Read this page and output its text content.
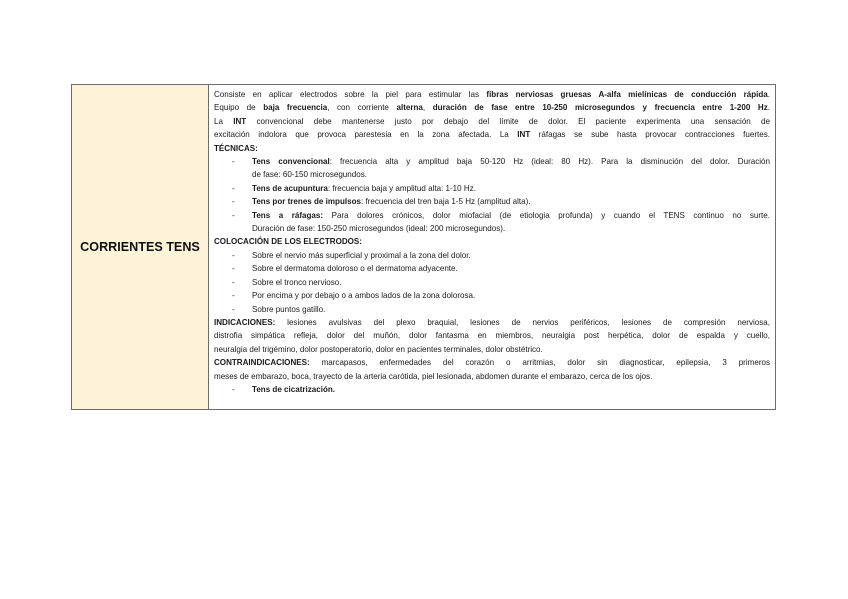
CORRIENTES TENS

Consiste en aplicar electrodos sobre la piel para estimular las fibras nerviosas gruesas A-alfa mielínicas de conducción rápida.

Equipo de baja frecuencia, con corriente alterna, duración de fase entre 10-250 microsegundos y frecuencia entre 1-200 Hz.

La INT convencional debe mantenerse justo por debajo del límite de dolor. El paciente experimenta una sensación de

excitación indolora que provoca parestesia en la zona afectada. La INT ráfagas se sube hasta provocar contracciones fuertes.

TÉCNICAS:

-	Tens convencional: frecuencia alta y amplitud baja 50-120 Hz (ideal: 80 Hz). Para la disminución del dolor. Duración

de fase: 60-150 microsegundos.

-	Tens de acupuntura: frecuencia baja y amplitud alta: 1-10 Hz.
-	Tens por trenes de impulsos: frecuencia del tren baja 1-5 Hz (amplitud alta).
-	Tens a ráfagas: Para dolores crónicos, dolor miofacial (de etiologia profunda) y cuando el TENS continuo no surte.

Duración de fase: 150-250 microsegundos (ideal: 200 microsegundos).

COLOCACIÓN DE LOS ELECTRODOS:

-	Sobre el nervio más superficial y proximal a la zona del dolor.
-	Sobre el dermatoma doloroso o el dermatoma adyacente.
-	Sobre el tronco nervioso.
-	Por encima y por debajo o a ambos lados de la zona dolorosa.
-	Sobre puntos gatillo.

INDICACIONES: lesiones avulsivas del plexo braquial, lesiones de nervios periféricos, lesiones de compresión nerviosa,

distrofia simpática refleja, dolor del muñón, dolor fantasma en miembros, neuralgia post herpética, dolor de espalda y cuello,

neuralgia del trigémino, dolor postoperatorio, dolor en pacientes terminales, dolor obstétrico.

CONTRAINDICACIONES: marcapasos, enfermedades del corazón o arritmias, dolor sin diagnosticar, epilepsia, 3 primeros

meses de embarazo, boca, trayecto de la arteria carótida, piel lesionada, abdomen durante el embarazo, cerca de los ojos.

-	Tens de cicatrización.
